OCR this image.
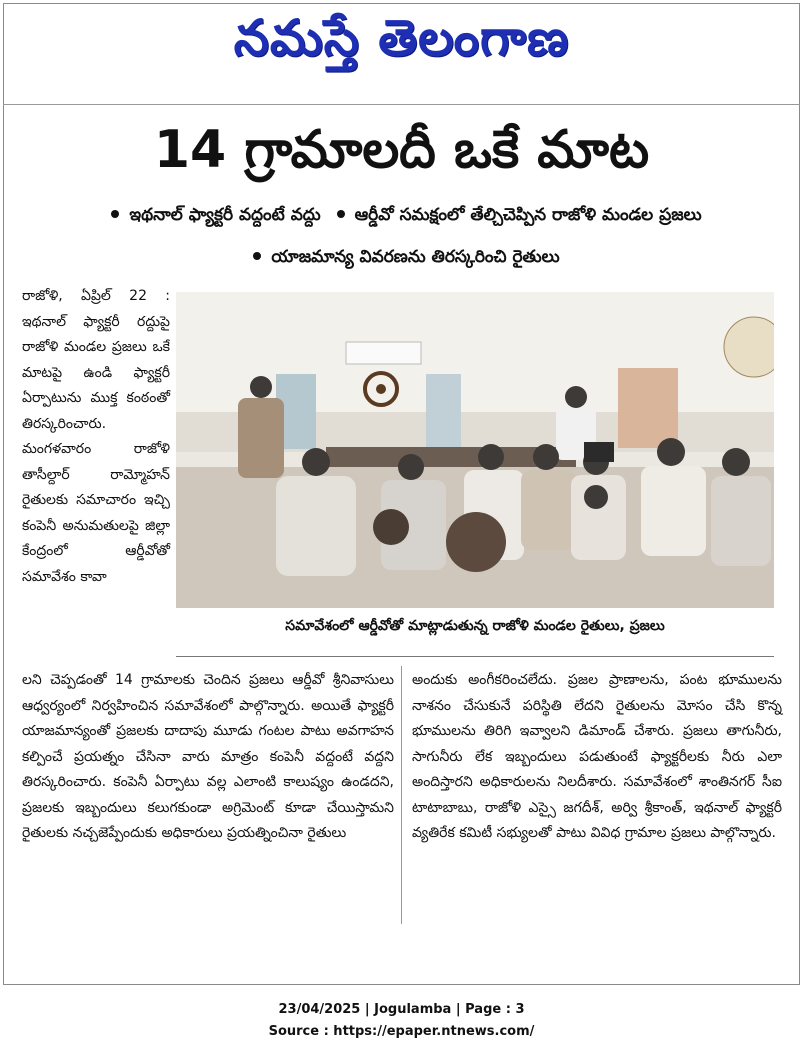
నమస్తే తెలంగాణ
14 గ్రామాలదీ ఒకే మాట
ఇథనాల్ ఫ్యాక్టరీ వద్దంటే వద్దు ఆర్డీవో సమక్షంలో తేల్చిచెప్పిన రాజోళి మండల ప్రజలు
యాజమాన్య వివరణను తిరస్కరించి రైతులు
రాజోళి, ఏప్రిల్ 22 : ఇథనాల్ ఫ్యాక్టరీ రద్దుపై రాజోళి మండల ప్రజలు ఒకే మాటపై ఉండి ఫ్యాక్టరీ ఏర్పాటును ముక్త కంఠంతో తిరస్కరించారు. మంగళవారం రాజోళి తాసీల్దార్ రామ్మోహన్ రైతులకు సమాచారం ఇచ్చి కంపెనీ అనుమతులపై జిల్లా కేంద్రంలో ఆర్డీవోతో సమావేశం కావా
సమావేశంలో ఆర్డీవోతో మాట్లాడుతున్న రాజోళి మండల రైతులు, ప్రజలు
లని చెప్పడంతో 14 గ్రామాలకు చెందిన ప్రజలు ఆర్డీవో శ్రీనివాసులు ఆధ్వర్యంలో నిర్వహించిన సమావేశంలో పాల్గొన్నారు. అయితే ఫ్యాక్టరీ యాజమాన్యంతో ప్రజలకు దాదాపు మూడు గంటల పాటు అవగాహన కల్పించే ప్రయత్నం చేసినా వారు మాత్రం కంపెనీ వద్దంటే వద్దని తిరస్కరించారు. కంపెనీ ఏర్పాటు వల్ల ఎలాంటి కాలుష్యం ఉండదని, ప్రజలకు ఇబ్బందులు కలుగకుండా అగ్రిమెంట్ కూడా చేయిస్తామని రైతులకు నచ్చజెప్పేందుకు అధికారులు ప్రయత్నించినా రైతులు
అందుకు అంగీకరించలేదు. ప్రజల ప్రాణాలను, పంట భూములను నాశనం చేసుకునే పరిస్థితి లేదని రైతులను మోసం చేసి కొన్న భూములను తిరిగి ఇవ్వాలని డిమాండ్ చేశారు. ప్రజలు తాగునీరు, సాగునీరు లేక ఇబ్బందులు పడుతుంటే ఫ్యాక్టరీలకు నీరు ఎలా అందిస్తారని అధికారులను నిలదీశారు. సమావేశంలో శాంతినగర్ సీఐ టాటాబాబు, రాజోళి ఎస్సై జగదీశ్, అర్వి శ్రీకాంత్, ఇథనాల్ ఫ్యాక్టరీ వ్యతిరేక కమిటీ సభ్యులతో పాటు వివిధ గ్రామాల ప్రజలు పాల్గొన్నారు.
23/04/2025 | Jogulamba | Page : 3
Source : https://epaper.ntnews.com/
